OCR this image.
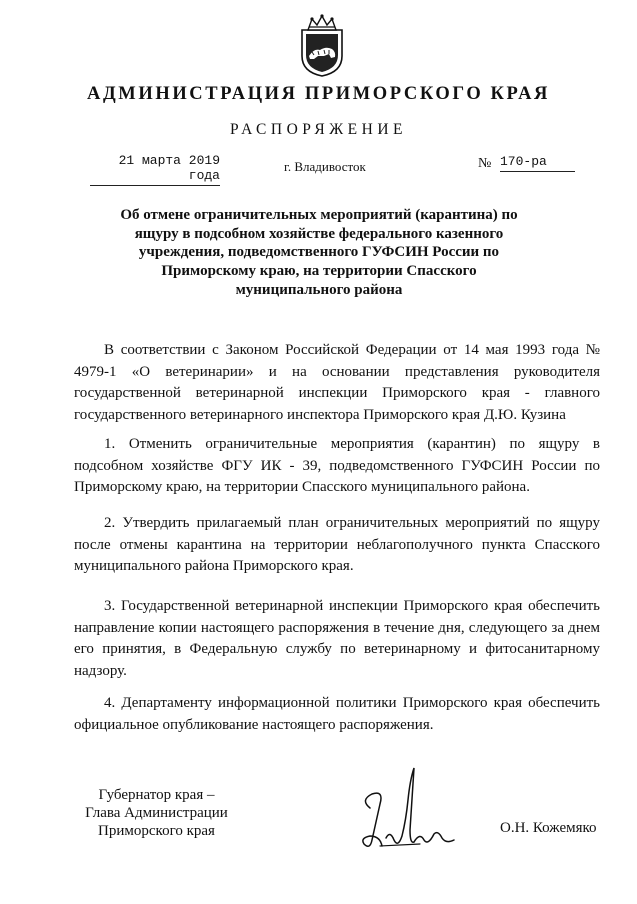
АДМИНИСТРАЦИЯ ПРИМОРСКОГО КРАЯ
РАСПОРЯЖЕНИЕ
21 марта 2019 года
г. Владивосток	№ 170-ра
Об отмене ограничительных мероприятий (карантина) по ящуру в подсобном хозяйстве федерального казенного учреждения, подведомственного ГУФСИН России по Приморскому краю, на территории Спасского муниципального района

В соответствии с Законом Российской Федерации от 14 мая 1993 года № 4979-1 «О ветеринарии» и на основании представления руководителя государственной ветеринарной инспекции Приморского края - главного государственного ветеринарного инспектора Приморского края Д.Ю. Кузина

1. Отменить ограничительные мероприятия (карантин) по ящуру в подсобном хозяйстве ФГУ ИК - 39, подведомственного ГУФСИН России по Приморскому краю, на территории Спасского муниципального района.

2. Утвердить прилагаемый план ограничительных мероприятий по ящуру после отмены карантина на территории неблагополучного пункта Спасского муниципального района Приморского края.

3. Государственной ветеринарной инспекции Приморского края обеспечить направление копии настоящего распоряжения в течение дня, следующего за днем его принятия, в Федеральную службу по ветеринарному и фитосанитарному надзору.

4. Департаменту информационной политики Приморского края обеспечить официальное опубликование настоящего распоряжения.

Губернатор края –
Глава Администрации
Приморского края	О.Н. Кожемяко
